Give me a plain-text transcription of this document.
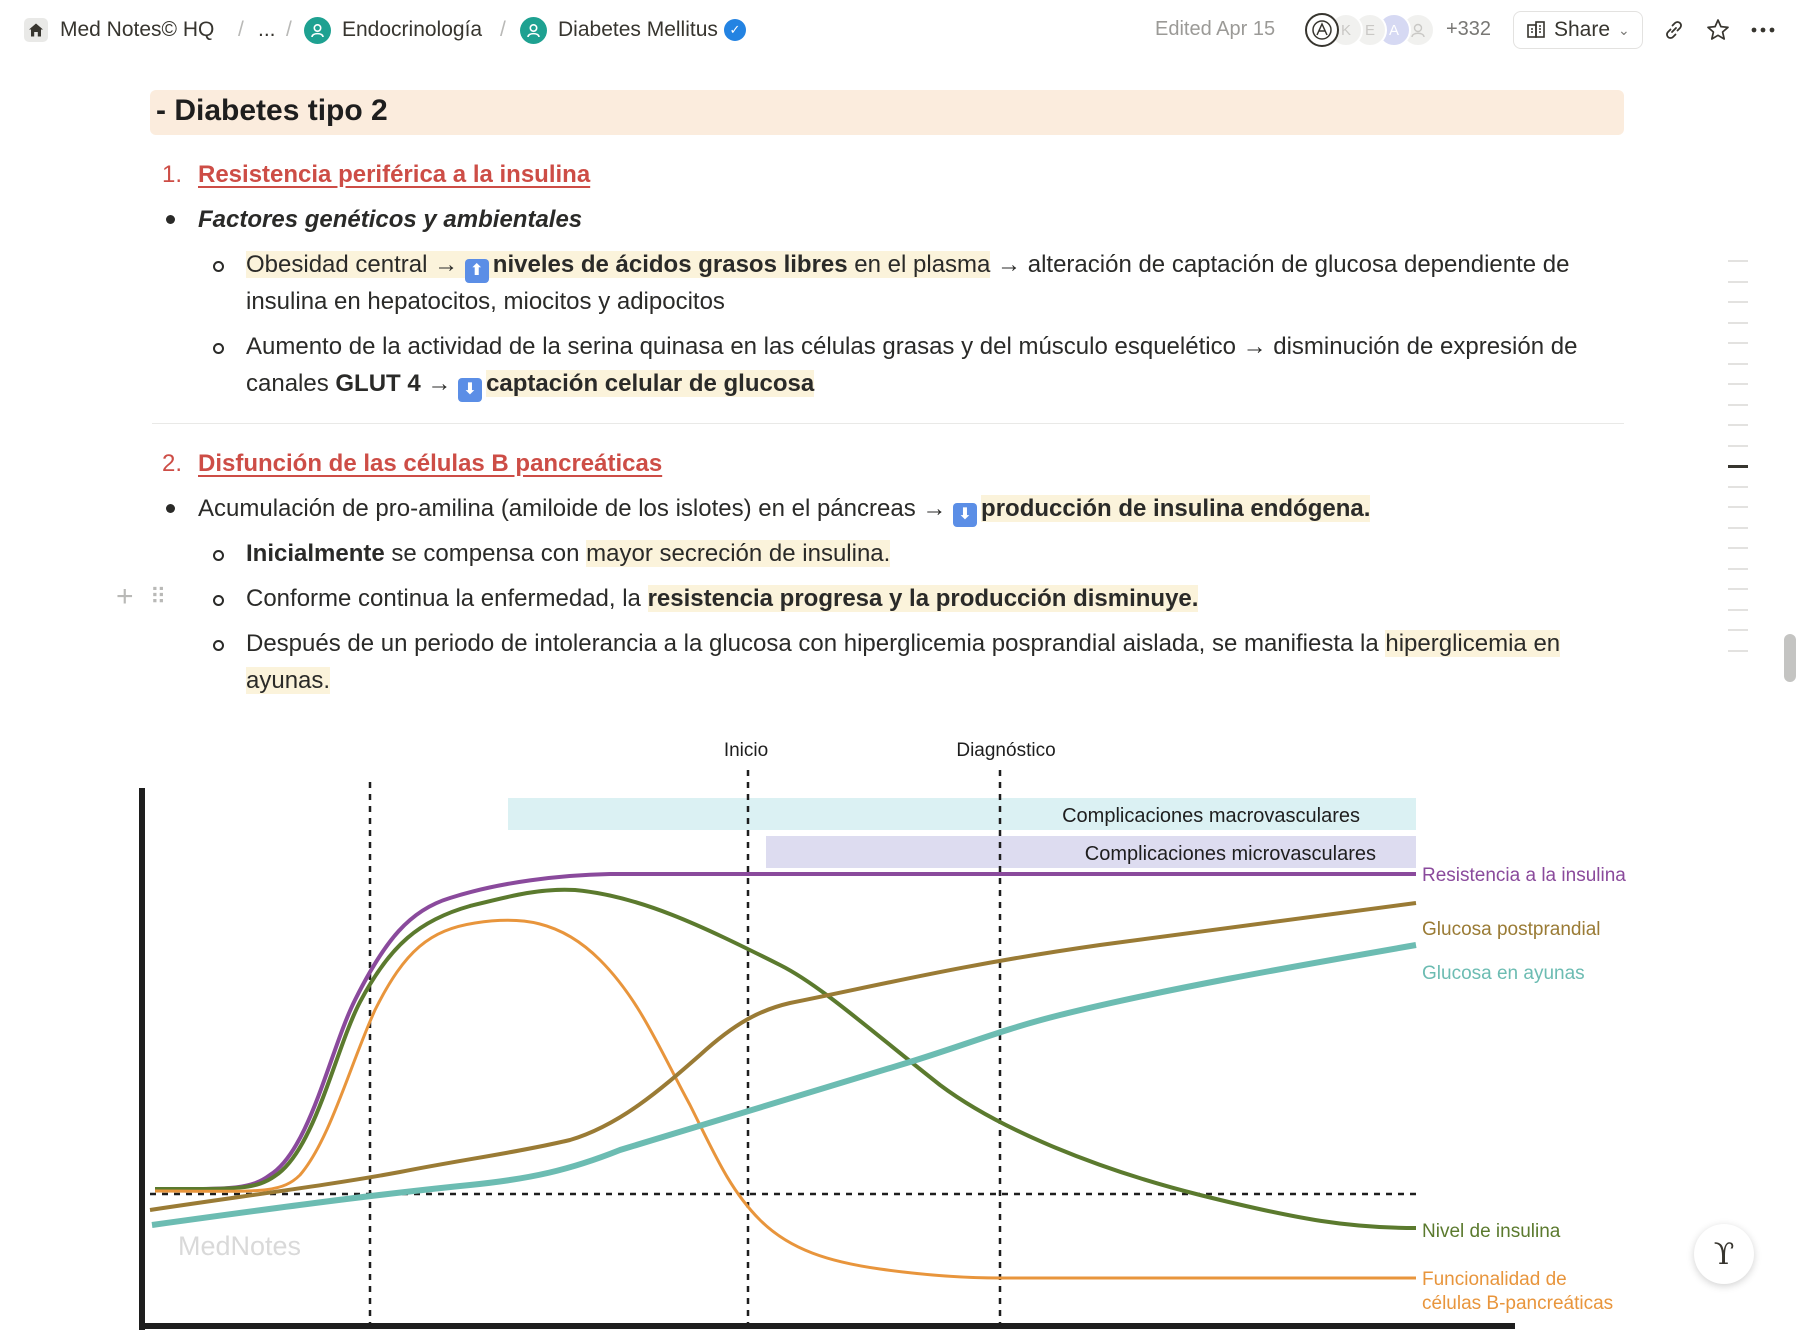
Med Notes© HQ / ... / Endocrinología / Diabetes Mellitus ✓	Edited Apr 15	K E A	+332	Share ⌄
- Diabetes tipo 2
1. Resistencia periférica a la insulina
Factores genéticos y ambientales
Obesidad central → ⬆ niveles de ácidos grasos libres en el plasma → alteración de captación de glucosa dependiente de
insulina en hepatocitos, miocitos y adipocitos
Aumento de la actividad de la serina quinasa en las células grasas y del músculo esquelético → disminución de expresión de
canales GLUT 4 → ⬇ captación celular de glucosa
2. Disfunción de las células B pancreáticas
Acumulación de pro-amilina (amiloide de los islotes) en el páncreas → ⬇ producción de insulina endógena.
Inicialmente se compensa con mayor secreción de insulina.
+ ⠿	Conforme continua la enfermedad, la resistencia progresa y la producción disminuye.
Después de un periodo de intolerancia a la glucosa con hiperglicemia posprandial aislada, se manifiesta la hiperglicemia en
ayunas.
Complicaciones macrovasculares
Complicaciones microvasculares
Inicio	Diagnóstico
Resistencia a la insulina
Glucosa postprandial
Glucosa en ayunas
Nivel de insulina
Funcionalidad de
células B-pancreáticas
MedNotes	ϒ
